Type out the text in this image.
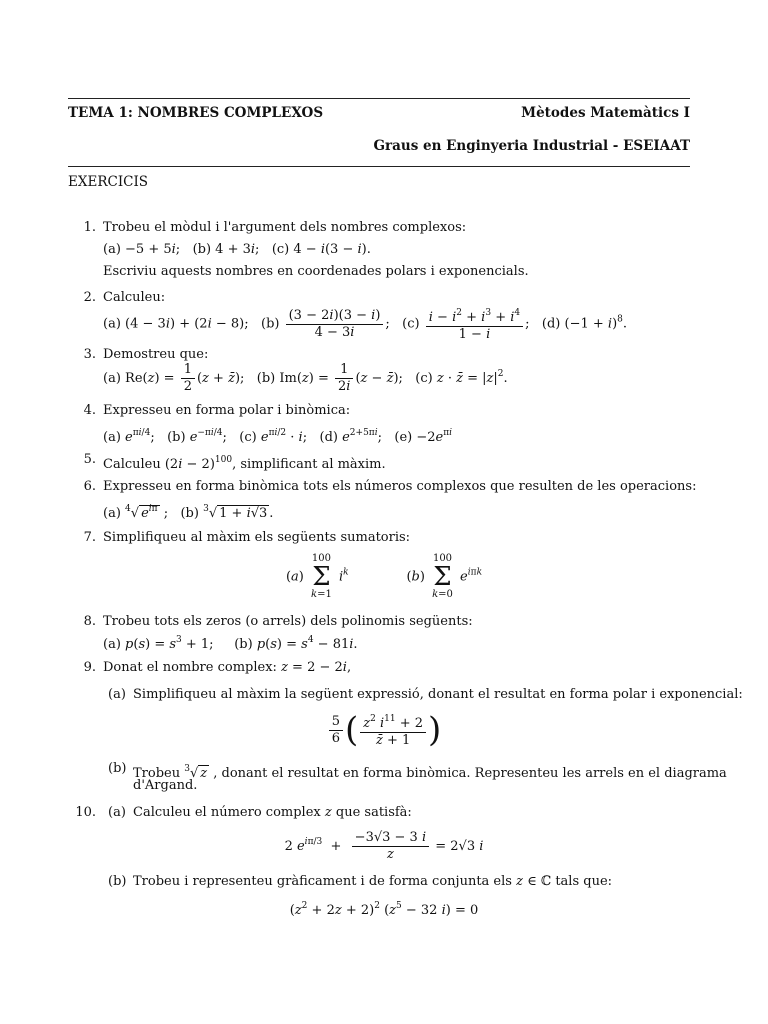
TEMA 1: NOMBRES COMPLEXOS	Mètodes Matemàtics I
Graus en Enginyeria Industrial - ESEIAAT
EXERCICIS
1. Trobeu el mòdul i l'argument dels nombres complexos:
(a) −5 + 5i;   (b) 4 + 3i;   (c) 4 − i(3 − i).
Escriviu aquests nombres en coordenades polars i exponencials.
2. Calculeu:
(a) (4 − 3i) + (2i − 8);   $(b) \frac{(3 - 2i)(3 - i)}{4 - 3i}$ ;   $(c) \frac{i - i^2 + i^3 + i^4}{1 - i}$ ;   (d) $(-1 + i)^8$.
3. Demostreu que:
(a) $Re(z) = \frac{1}{2} (z$ + z̄);   (b) $Im(z) = \frac{1}{2i} (z$ − z̄);   (c) z · z̄ = $|z|^2$.
4. Expresseu en forma polar i binòmica:
(a) $e^{\pi i/4}$;   (b) $e^{-\pi i/4}$;   (c) $e^{\pi i/2} \cdot i$;   (d) $e^{2+5\pi i}$;   $(e) -2e^{\pi i}$
5. Calculeu $(2i - 2)^{100}$, simplificant al màxim.
6. Expresseu en forma binòmica tots els números complexos que resulten de les operacions:
(a) $^4$√ $e^{i\pi}$ ;   (b) $^3$√ 1 + i√3 .
7. Simplifiqueu al màxim els següents sumatoris:
(a) 100
Σ
k=1 $i^k$              (b) 100
Σ
k=0 $e^{i\pi k}$
8. Trobeu tots els zeros (o arrels) dels polinomis següents:
(a) $p(s) = s^3 + 1$;     (b) $p(s) = s^4 - 81i$.
9. Donat el nombre complex: z = 2 − 2i,
(a) Simplifiqueu al màxim la següent expressió, donant el resultat en forma polar i exponencial:
$\frac{5}{6}$ ( $\frac{z^2 i^{11} + 2}{z̄ + 1}$ )
(b) Trobeu $^3$√ z , donant el resultat en forma binòmica. Representeu les arrels en el diagrama
d'Argand.
10. (a) Calculeu el número complex z que satisfà:
2 $e^{i\pi/3} + \frac{-3√3 - 3 i}{z} = 2√3$ i
(b) Trobeu i representeu gràficament i de forma conjunta els z ∈ ℂ tals que:
$(z^2 + 2z + 2)^2$ ($z^5 - 32$ i) = 0
